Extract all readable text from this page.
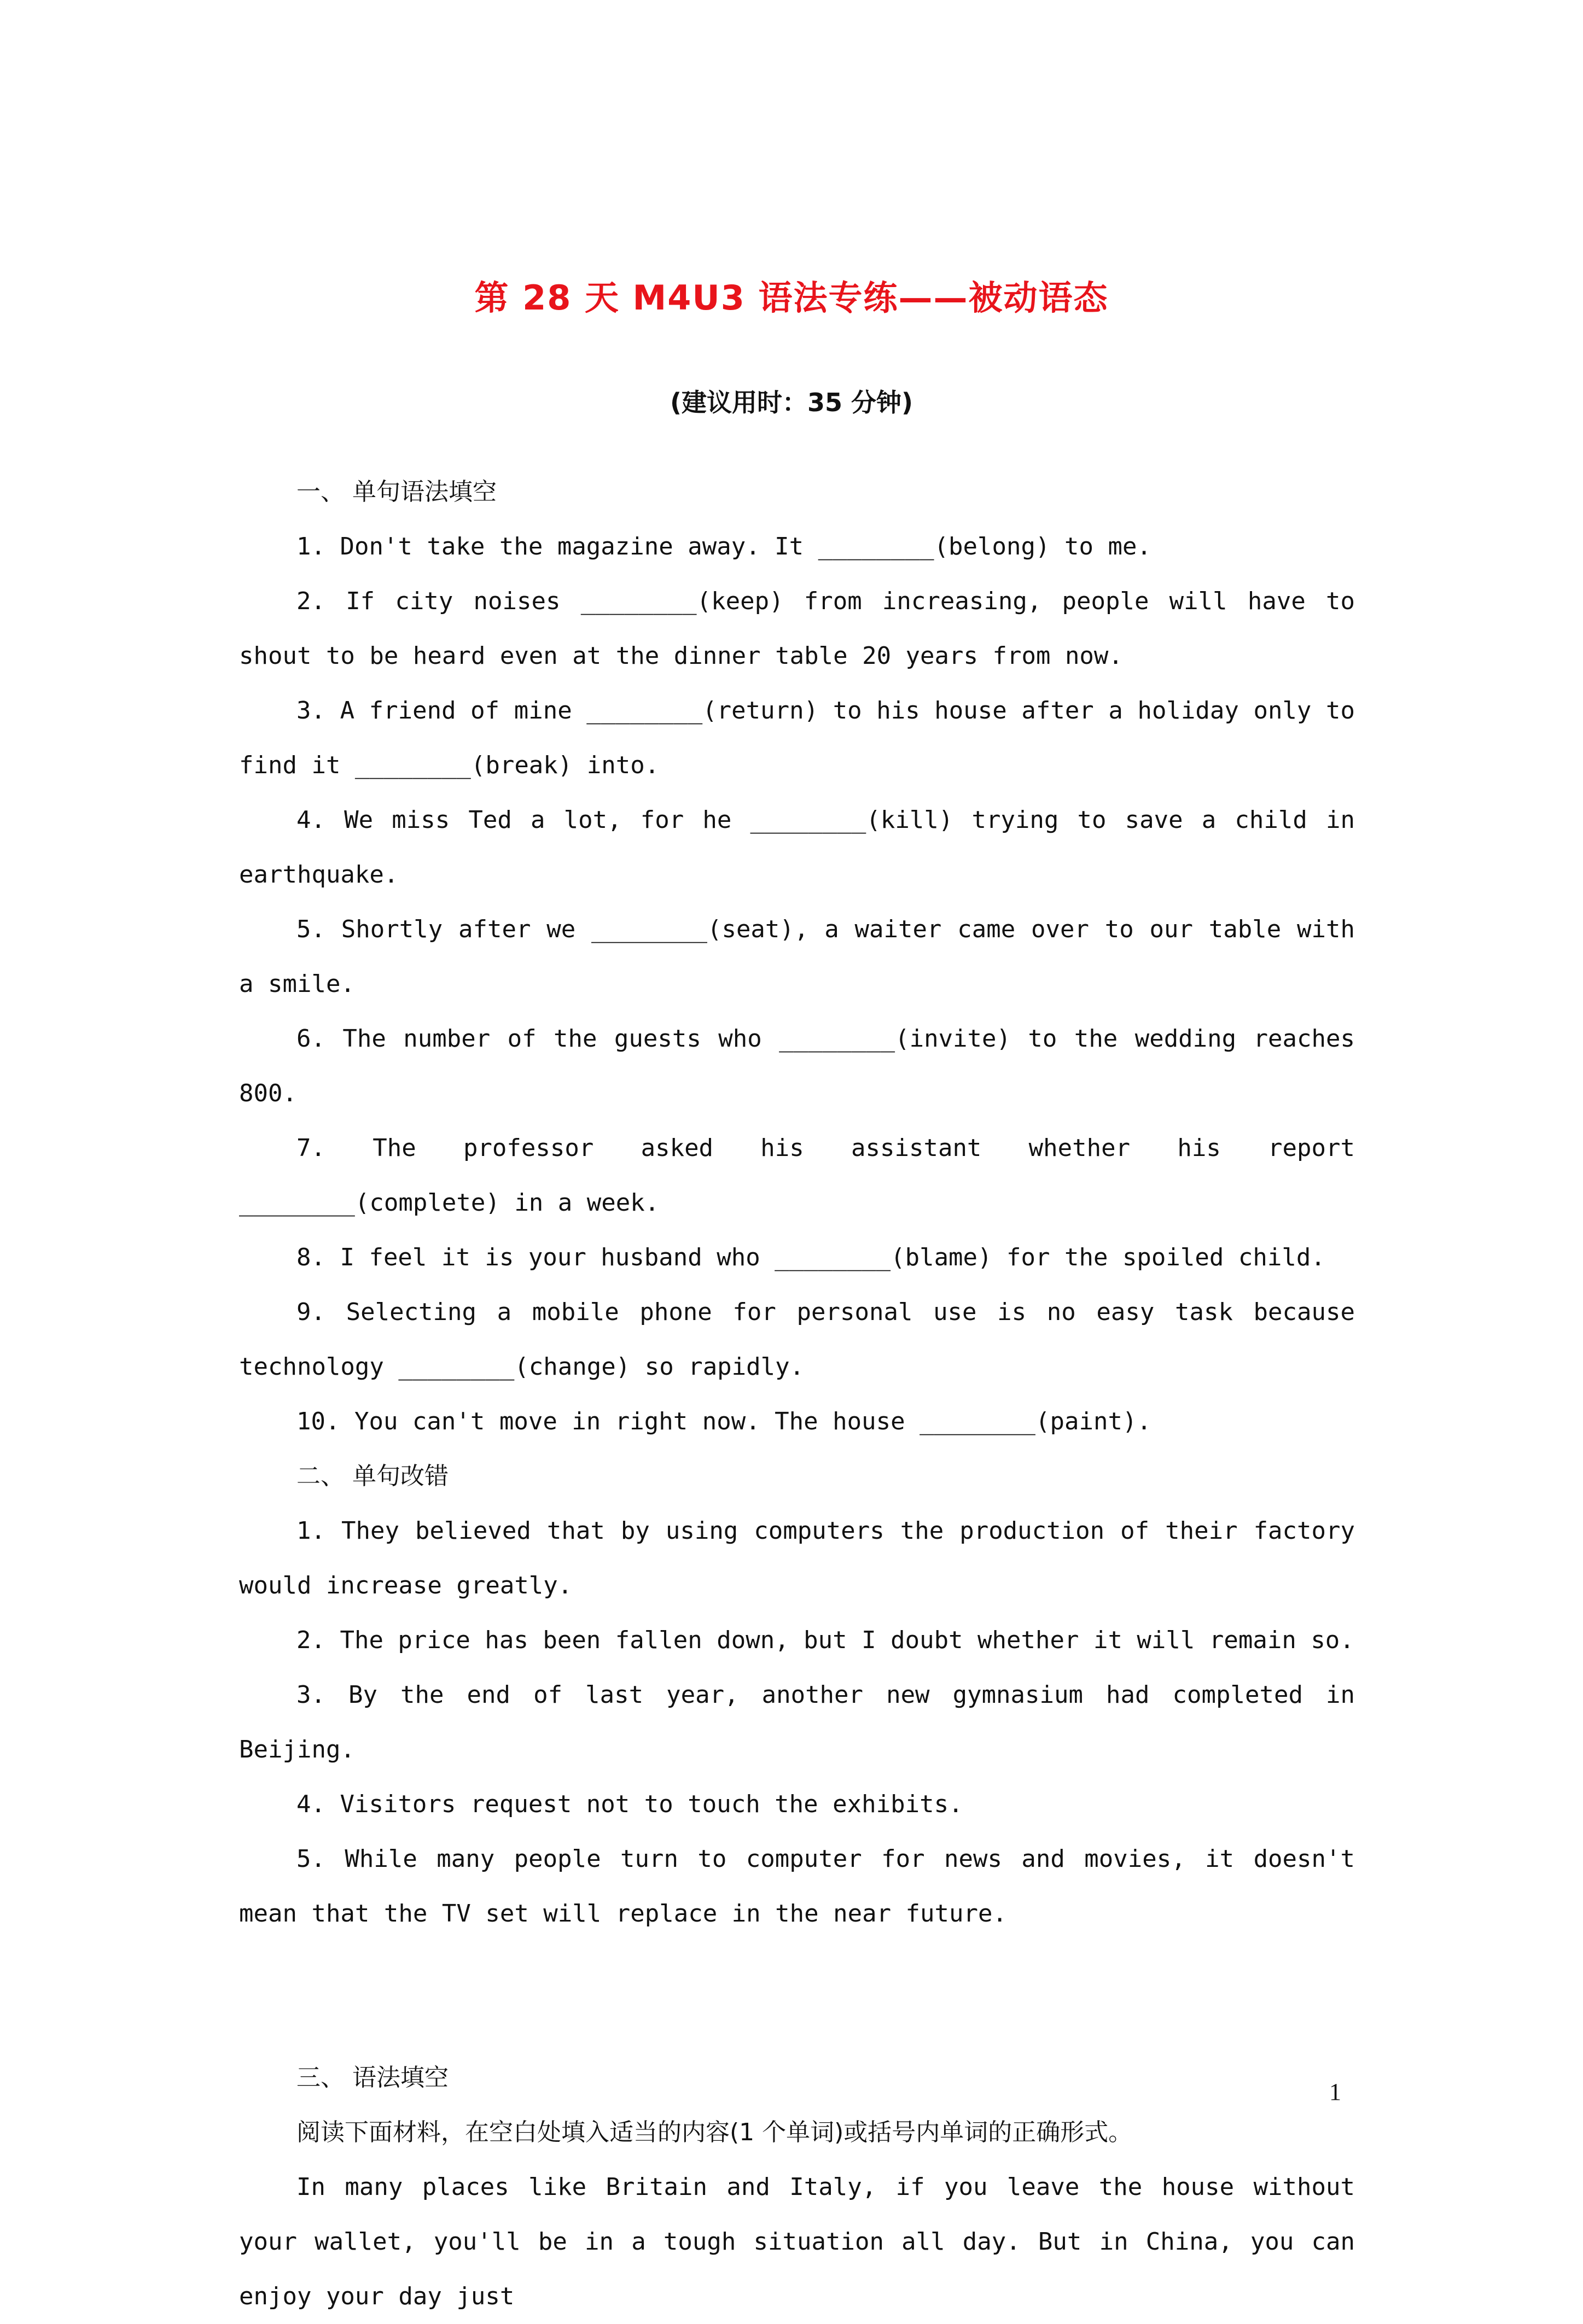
第 28 天 M4U3 语法专练——被动语态
(建议用时：35 分钟)

一、 单句语法填空

1. Don't take the magazine away. It ________(belong) to me.

2. If city noises ________(keep) from increasing, people will have to shout to be heard even at the dinner table 20 years from now.

3. A friend of mine ________(return) to his house after a holiday only to find it ________(break) into.

4. We miss Ted a lot, for he ________(kill) trying to save a child in earthquake.

5. Shortly after we ________(seat), a waiter came over to our table with a smile.

6. The number of the guests who ________(invite) to the wedding reaches 800.

7. The professor asked his assistant whether his report ________(complete) in a week.

8. I feel it is your husband who ________(blame) for the spoiled child.

9. Selecting a mobile phone for personal use is no easy task because technology ________(change) so rapidly.

10. You can't move in right now. The house ________(paint).

二、 单句改错

1. They believed that by using computers the production of their factory would increase greatly.

2. The price has been fallen down, but I doubt whether it will remain so.

3. By the end of last year, another new gymnasium had completed in Beijing.

4. Visitors request not to touch the exhibits.

5. While many people turn to computer for news and movies, it doesn't mean that the TV set will replace in the near future.

三、 语法填空

阅读下面材料，在空白处填入适当的内容(1 个单词)或括号内单词的正确形式。

In many places like Britain and Italy, if you leave the house without your wallet, you'll be in a tough situation all day. But in China, you can enjoy your day just

1
